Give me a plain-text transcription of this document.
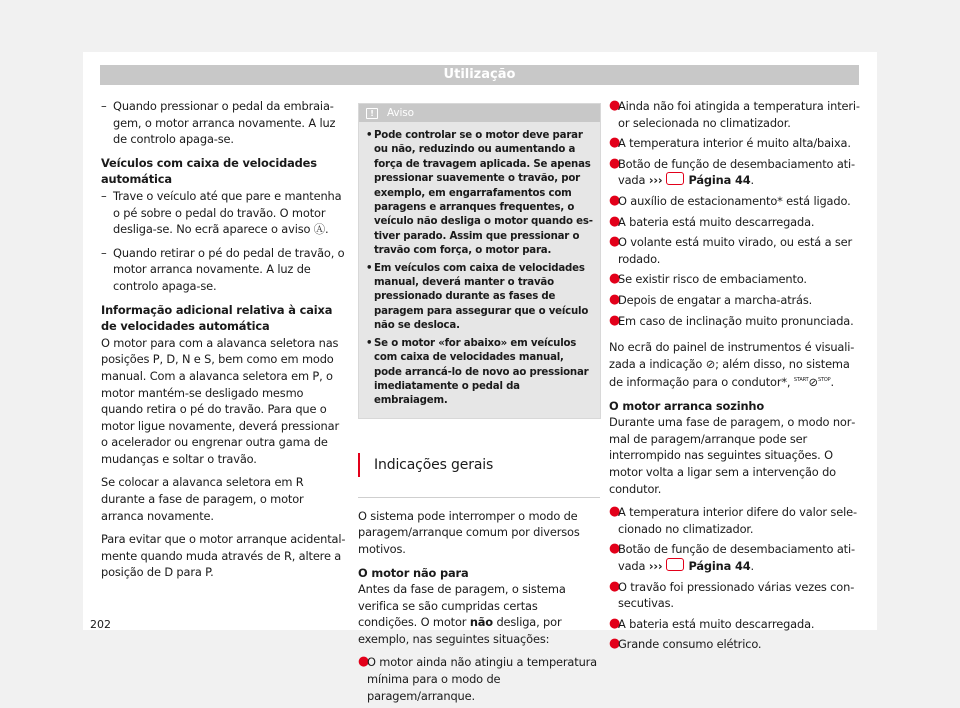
Utilização
– Quando pressionar o pedal da embraiagem, o motor arranca novamente. A luz de controlo apaga-se.

Veículos com caixa de velocidades automática

– Trave o veículo até que pare e mantenha o pé sobre o pedal do travão. O motor desliga-se. No ecrã aparece o aviso Ⓐ.
– Quando retirar o pé do pedal de travão, o motor arranca novamente. A luz de controlo apaga-se.

Informação adicional relativa à caixa de velocidades automática

O motor para com a alavanca seletora nas posições P, D, N e S, bem como em modo manual. Com a alavanca seletora em P, o motor mantém-se desligado mesmo quando retira o pé do travão. Para que o motor ligue novamente, deverá pressionar o acelerador ou engrenar outra gama de mudanças e soltar o travão.

Se colocar a alavanca seletora em R durante a fase de paragem, o motor arranca novamente.

Para evitar que o motor arranque acidentalmente quando muda através de R, altere a posição de D para P.

!	Aviso
• Pode controlar se o motor deve parar ou não, reduzindo ou aumentando a força de travagem aplicada. Se apenas pressionar suavemente o travão, por exemplo, em engarrafamentos com paragens e arranques frequentes, o veículo não desliga o motor quando estiver parado. Assim que pressionar o travão com força, o motor para.
• Em veículos com caixa de velocidades manual, deverá manter o travão pressionado durante as fases de paragem para assegurar que o veículo não se desloca.
• Se o motor «for abaixo» em veículos com caixa de velocidades manual, pode arrancá-lo de novo ao pressionar imediatamente o pedal da embraiagem.
Indicações gerais

O sistema pode interromper o modo de paragem/arranque comum por diversos motivos.

O motor não para

Antes da fase de paragem, o sistema verifica se são cumpridas certas condições. O motor não desliga, por exemplo, nas seguintes situações:

●
O motor ainda não atingiu a temperatura mínima para o modo de paragem/arranque.
●
Ainda não foi atingida a temperatura interior selecionada no climatizador.
●
A temperatura interior é muito alta/baixa.
●
Botão de função de desembaciamento ativada ››› Página 44.
●
O auxílio de estacionamento* está ligado.
●
A bateria está muito descarregada.
●
O volante está muito virado, ou está a ser rodado.
●
Se existir risco de embaciamento.
●
Depois de engatar a marcha-atrás.
●
Em caso de inclinação muito pronunciada.

No ecrã do painel de instrumentos é visualizada a indicação ⊘; além disso, no sistema de informação para o condutor*, $^{START}$⊘$^{STOP}$.

O motor arranca sozinho

Durante uma fase de paragem, o modo normal de paragem/arranque pode ser interrompido nas seguintes situações. O motor volta a ligar sem a intervenção do condutor.

●
A temperatura interior difere do valor selecionado no climatizador.
●
Botão de função de desembaciamento ativada ››› Página 44.
●
O travão foi pressionado várias vezes consecutivas.
●
A bateria está muito descarregada.
●
Grande consumo elétrico.
202
